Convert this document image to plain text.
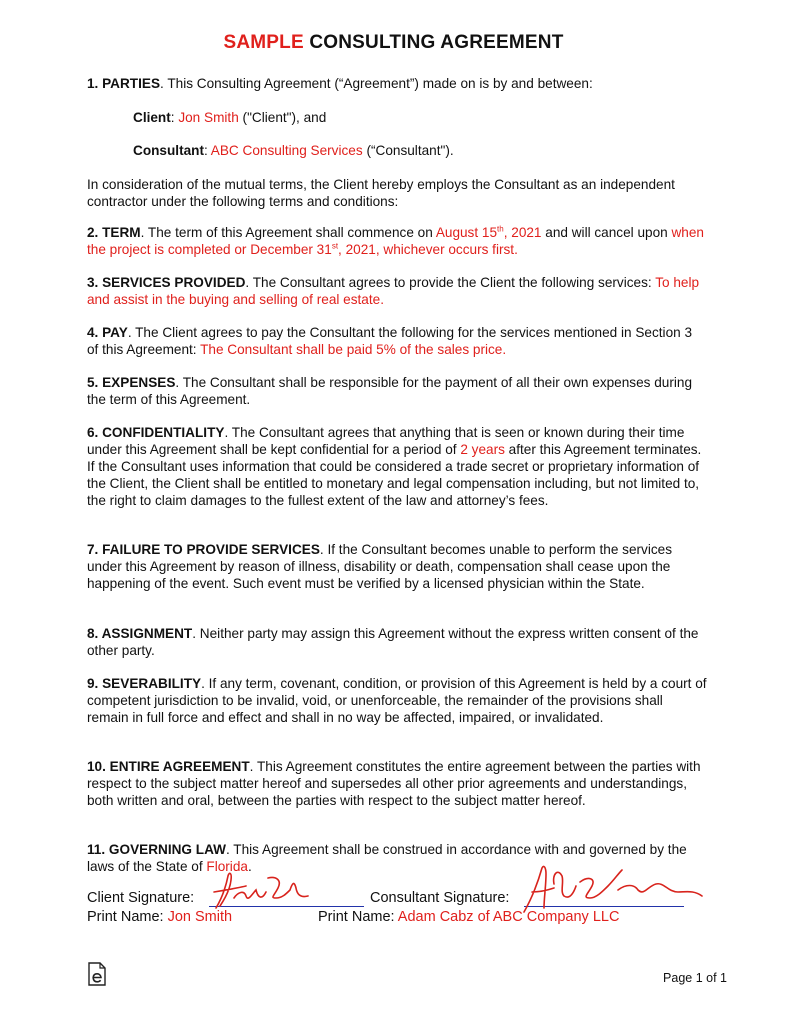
SAMPLE CONSULTING AGREEMENT
1. PARTIES. This Consulting Agreement (“Agreement”) made on is by and between:
Client: Jon Smith ("Client"), and
Consultant: ABC Consulting Services (“Consultant").
In consideration of the mutual terms, the Client hereby employs the Consultant as an independent contractor under the following terms and conditions:
2. TERM. The term of this Agreement shall commence on August 15th, 2021 and will cancel upon when the project is completed or December 31st, 2021, whichever occurs first.
3. SERVICES PROVIDED. The Consultant agrees to provide the Client the following services: To help and assist in the buying and selling of real estate.
4. PAY. The Client agrees to pay the Consultant the following for the services mentioned in Section 3 of this Agreement: The Consultant shall be paid 5% of the sales price.
5. EXPENSES. The Consultant shall be responsible for the payment of all their own expenses during the term of this Agreement.
6. CONFIDENTIALITY. The Consultant agrees that anything that is seen or known during their time under this Agreement shall be kept confidential for a period of 2 years after this Agreement terminates. If the Consultant uses information that could be considered a trade secret or proprietary information of the Client, the Client shall be entitled to monetary and legal compensation including, but not limited to, the right to claim damages to the fullest extent of the law and attorney’s fees.
7. FAILURE TO PROVIDE SERVICES. If the Consultant becomes unable to perform the services under this Agreement by reason of illness, disability or death, compensation shall cease upon the happening of the event. Such event must be verified by a licensed physician within the State.
8. ASSIGNMENT. Neither party may assign this Agreement without the express written consent of the other party.
9. SEVERABILITY. If any term, covenant, condition, or provision of this Agreement is held by a court of competent jurisdiction to be invalid, void, or unenforceable, the remainder of the provisions shall remain in full force and effect and shall in no way be affected, impaired, or invalidated.
10. ENTIRE AGREEMENT. This Agreement constitutes the entire agreement between the parties with respect to the subject matter hereof and supersedes all other prior agreements and understandings, both written and oral, between the parties with respect to the subject matter hereof.
11. GOVERNING LAW. This Agreement shall be construed in accordance with and governed by the laws of the State of Florida.
Client Signature:	Consultant Signature:
Print Name: Jon Smith	Print Name: Adam Cabz of ABC Company LLC
Page 1 of 1
